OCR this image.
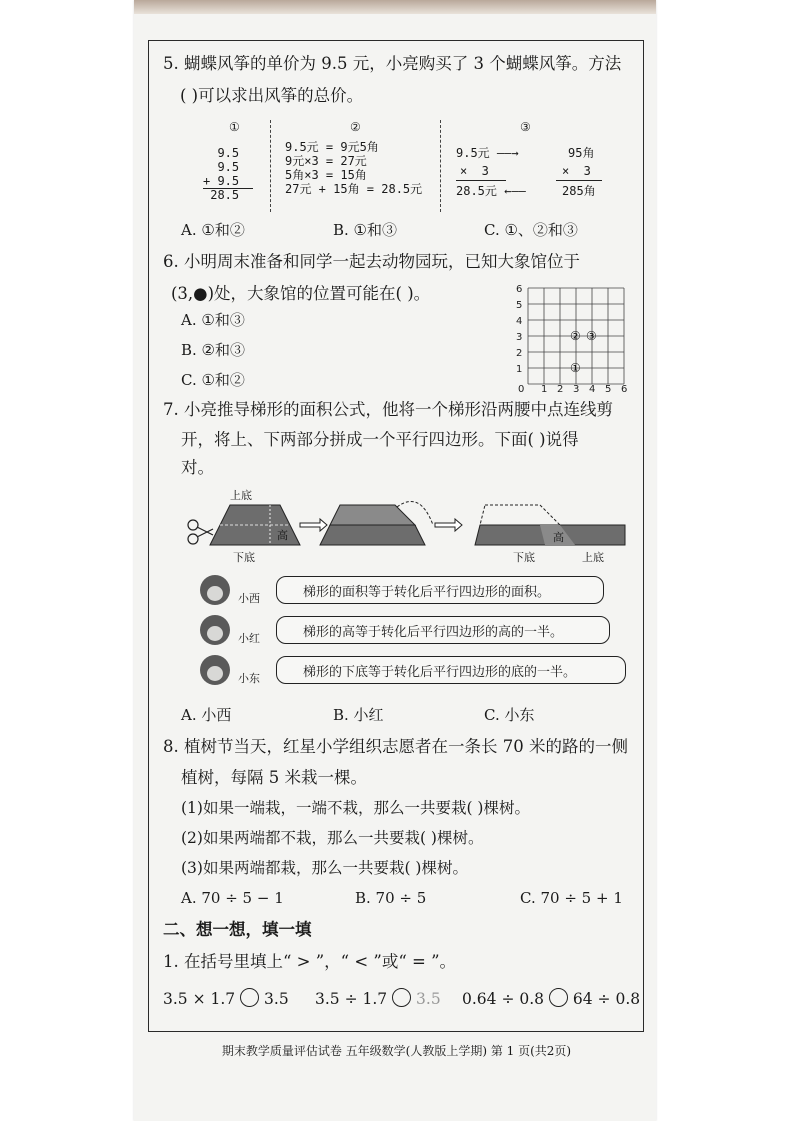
5. 蝴蝶风筝的单价为 9.5 元，小亮购买了 3 个蝴蝶风筝。方法
( )可以求出风筝的总价。
①
9.5
9.5
+ 9.5
28.5
②
9.5元 = 9元5角
9元×3 = 27元
5角×3 = 15角
27元 + 15角 = 28.5元
③
9.5元 ——→	95角
×  3	×  3
28.5元 ←——	285角
A. ①和②	B. ①和③	C. ①、②和③
6. 小明周末准备和同学一起去动物园玩，已知大象馆位于
(3,●)处，大象馆的位置可能在( )。
A. ①和③
B. ②和③
C. ①和②
6
5
4
3
2
1
0 1 2 3 4 5 6
② ③
①
7. 小亮推导梯形的面积公式，他将一个梯形沿两腰中点连线剪
开，将上、下两部分拼成一个平行四边形。下面( )说得
对。
上底
下底
高	高
下底	上底
小西	梯形的面积等于转化后平行四边形的面积。
小红	梯形的高等于转化后平行四边形的高的一半。
小东	梯形的下底等于转化后平行四边形的底的一半。
A. 小西	B. 小红	C. 小东
8. 植树节当天，红星小学组织志愿者在一条长 70 米的路的一侧
植树，每隔 5 米栽一棵。
(1)如果一端栽，一端不栽，那么一共要栽( )棵树。
(2)如果两端都不栽，那么一共要栽( )棵树。
(3)如果两端都栽，那么一共要栽( )棵树。
A. 70 ÷ 5 − 1	B. 70 ÷ 5	C. 70 ÷ 5 + 1
二、想一想，填一填
1. 在括号里填上“ > ”，“ < ”或“ = ”。
3.5 × 1.7 3.5 3.5 ÷ 1.7 3.5 0.64 ÷ 0.8 64 ÷ 0.8
期末教学质量评估试卷 五年级数学(人教版上学期) 第 1 页(共2页)
